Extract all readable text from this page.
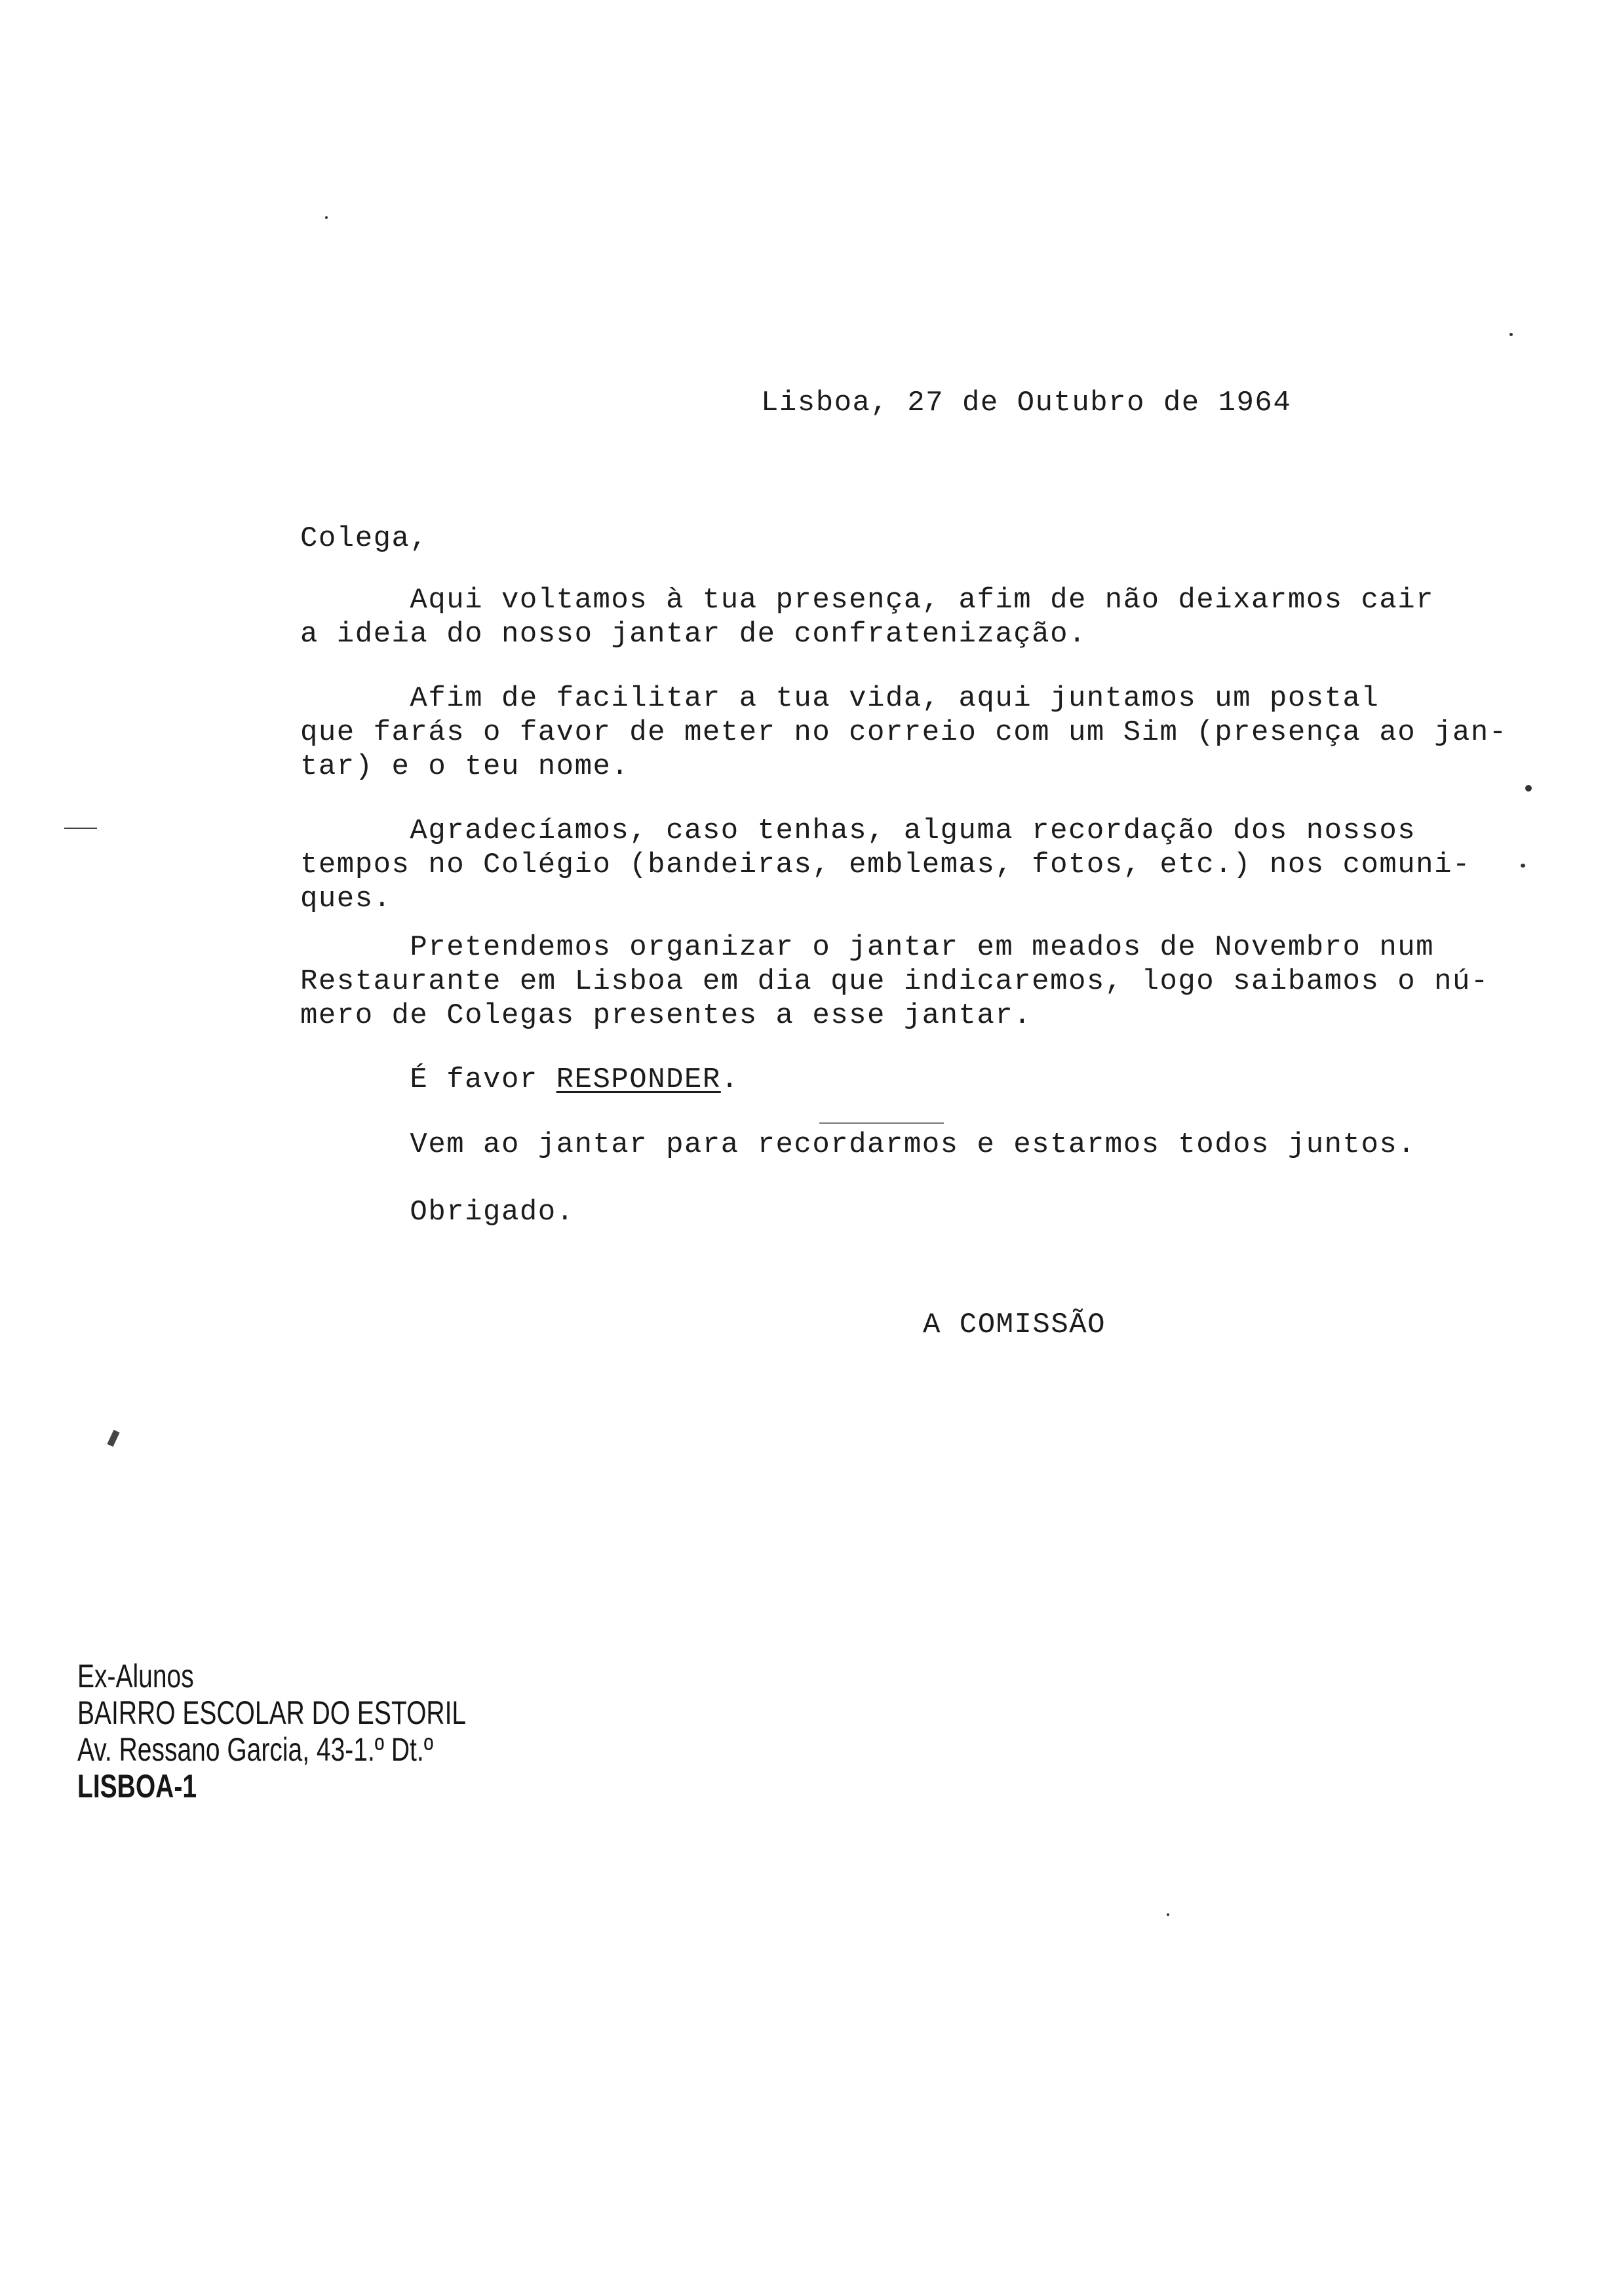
Lisboa, 27 de Outubro de 1964
Colega,
Aqui voltamos à tua presença, afim de não deixarmos cair
a ideia do nosso jantar de confratenização.
Afim de facilitar a tua vida, aqui juntamos um postal
que farás o favor de meter no correio com um Sim (presença ao jan-
tar) e o teu nome.
Agradecíamos, caso tenhas, alguma recordação dos nossos
tempos no Colégio (bandeiras, emblemas, fotos, etc.) nos comuni-
ques.
Pretendemos organizar o jantar em meados de Novembro num
Restaurante em Lisboa em dia que indicaremos, logo saibamos o nú-
mero de Colegas presentes a esse jantar.
É favor RESPONDER.
Vem ao jantar para recordarmos e estarmos todos juntos.
Obrigado.
A COMISSÃO
Ex-Alunos
BAIRRO ESCOLAR DO ESTORIL
Av. Ressano Garcia, 43-1.º Dt.º
LISBOA-1
